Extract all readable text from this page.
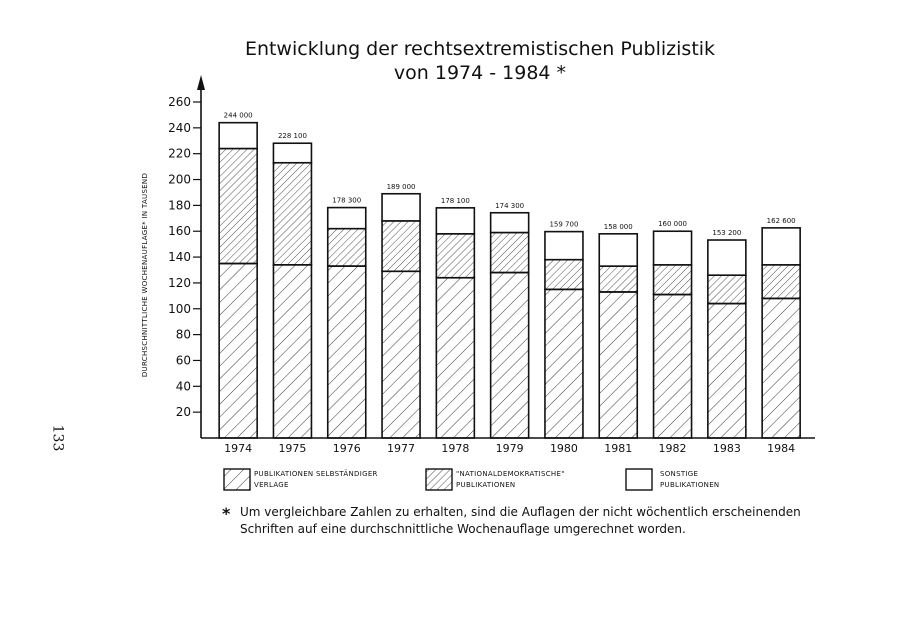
Entwicklung der rechtsextremistischen Publizistik
von 1974 - 1984 *
DURCHSCHNITTLICHE WOCHENAUFLAGE* IN TAUSEND
133
20
40
60
80
100
120
140
160
180
200
220
240
260
244 000
1974
228 100
1975
178 300
1976
189 000
1977
178 100
1978
174 300
1979
159 700
1980
158 000
1981
160 000
1982
153 200
1983
162 600
1984
PUBLIKATIONEN SELBSTÄNDIGER
VERLAGE
"NATIONALDEMOKRATISCHE"
PUBLIKATIONEN
SONSTIGE
PUBLIKATIONEN
* Um vergleichbare Zahlen zu erhalten, sind die Auflagen der nicht wöchentlich erscheinenden
Schriften auf eine durchschnittliche Wochenauflage umgerechnet worden.
